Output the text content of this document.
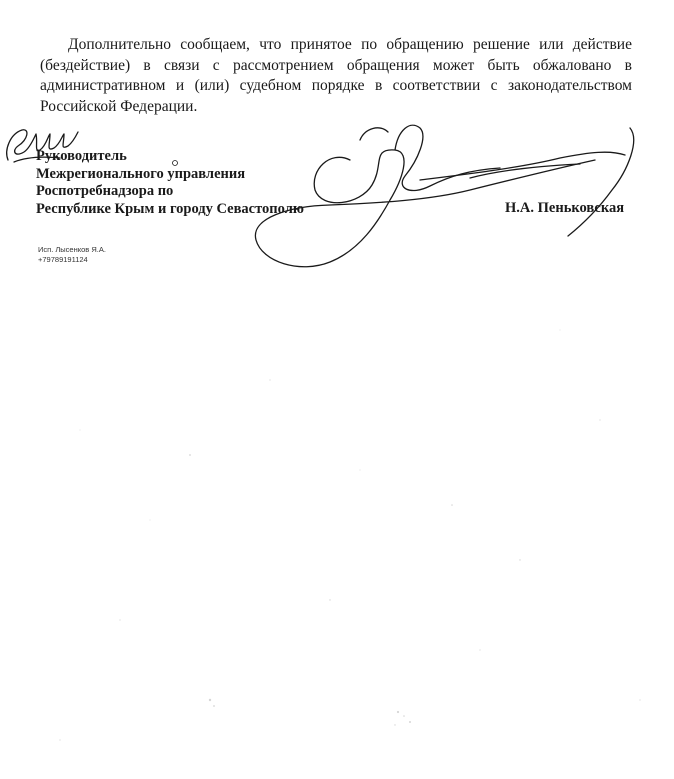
Дополнительно сообщаем, что принятое по обращению решение или действие (бездействие) в связи с рассмотрением обращения может быть обжаловано в административном и (или) судебном порядке в соответствии с законодательством Российской Федерации.

Руководитель
Межрегионального управления
Роспотребнадзора по
Республике Крым и городу Севастополю	Н.А. Пеньковская
Исп. Лысенков Я.А.
+79789191124
